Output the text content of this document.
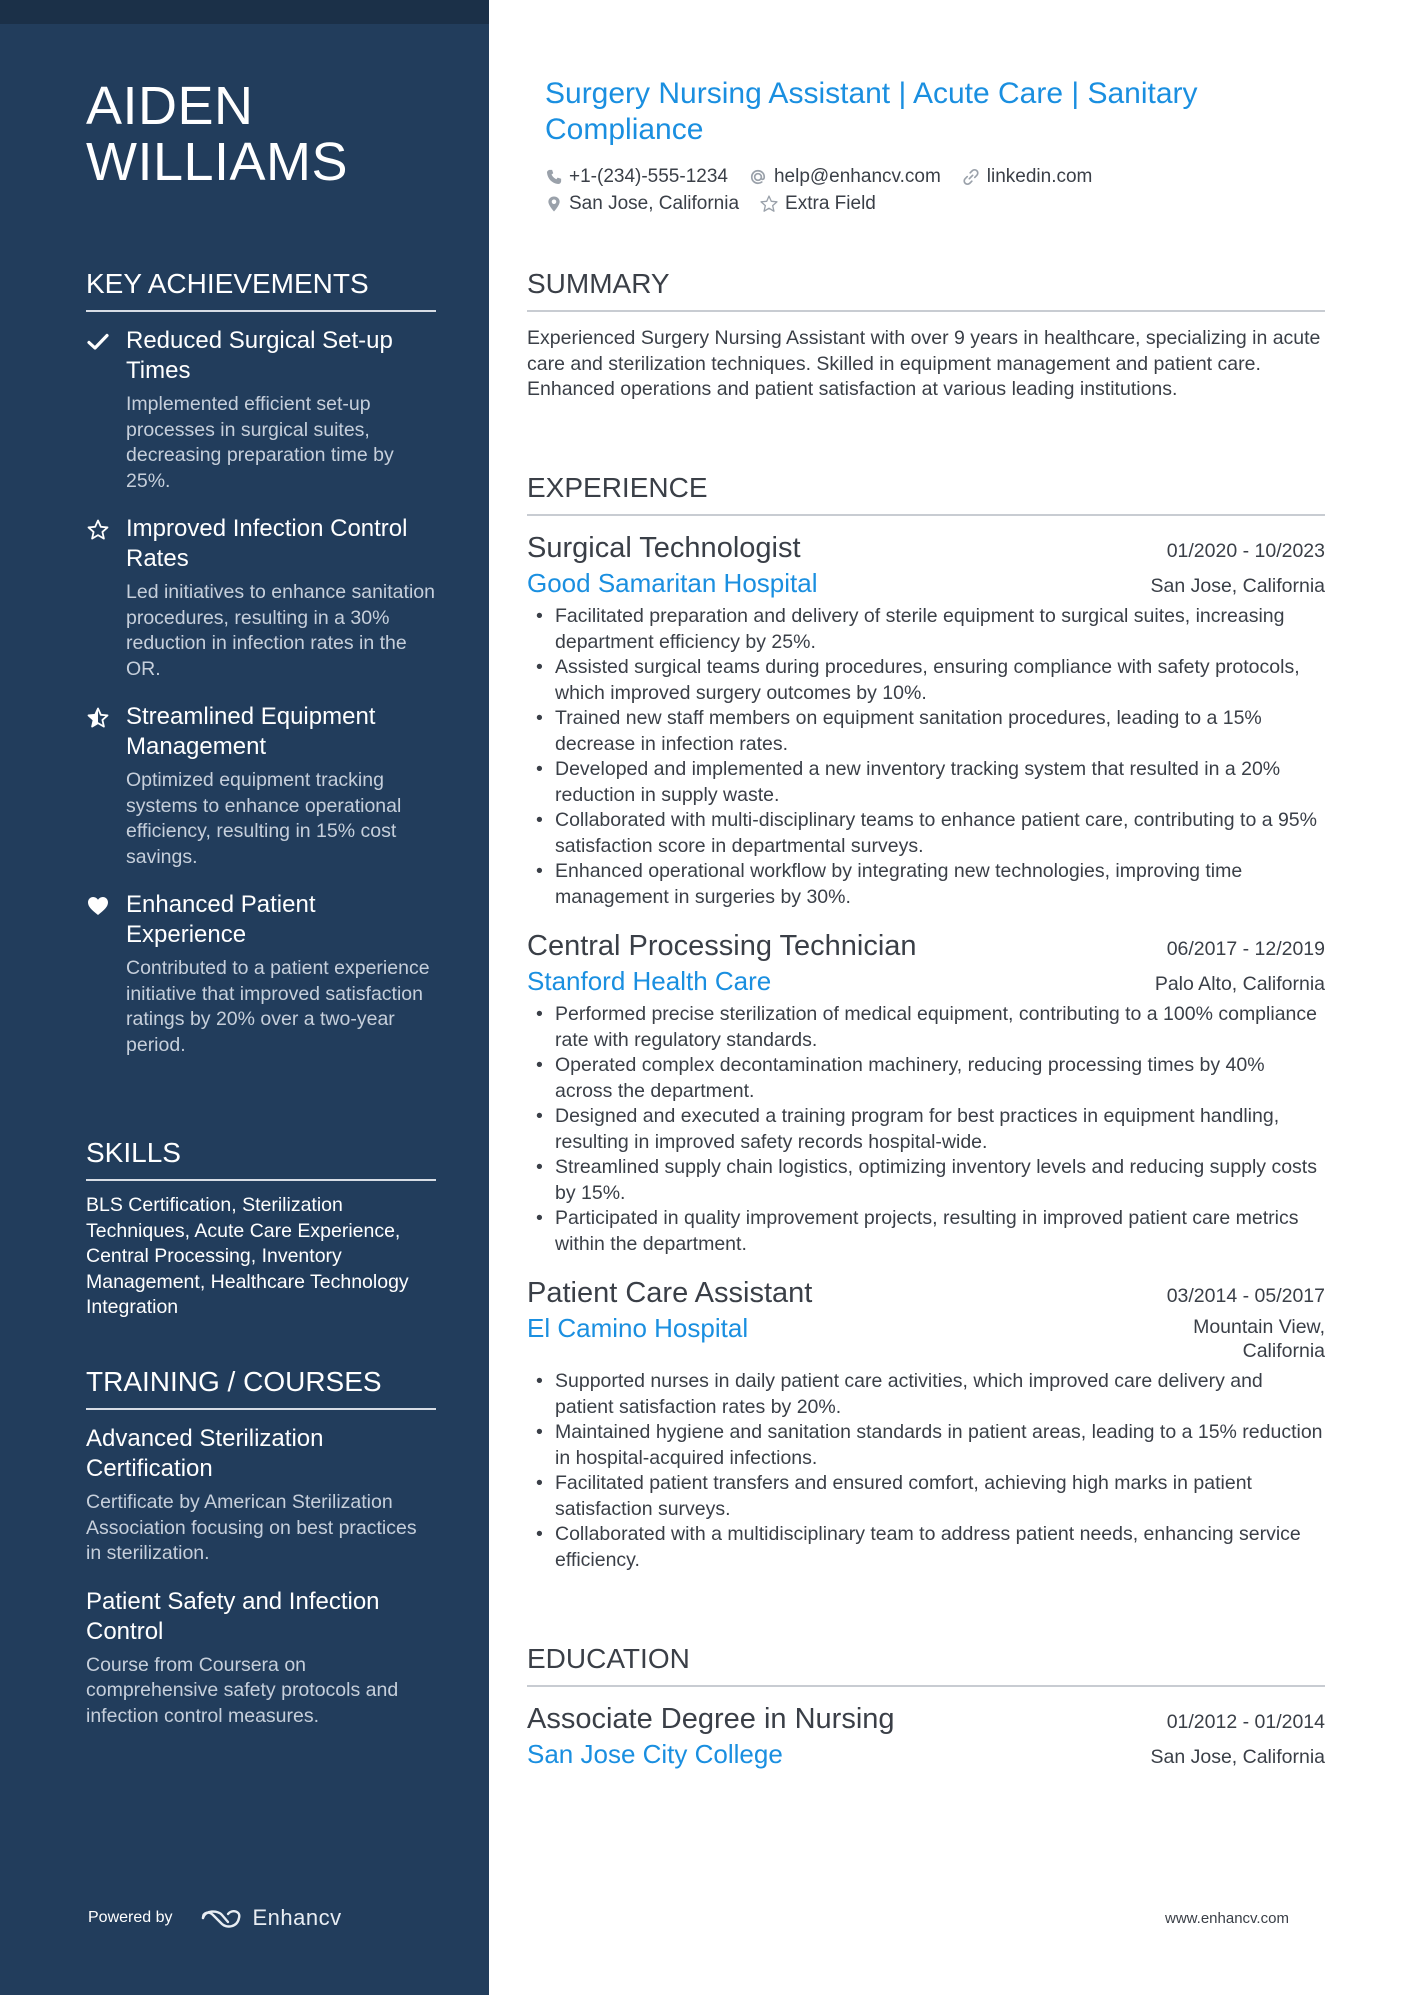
AIDEN WILLIAMS
KEY ACHIEVEMENTS
Reduced Surgical Set-up Times
Implemented efficient set-up processes in surgical suites, decreasing preparation time by 25%.
Improved Infection Control Rates
Led initiatives to enhance sanitation procedures, resulting in a 30% reduction in infection rates in the OR.
Streamlined Equipment Management
Optimized equipment tracking systems to enhance operational efficiency, resulting in 15% cost savings.
Enhanced Patient Experience
Contributed to a patient experience initiative that improved satisfaction ratings by 20% over a two-year period.
SKILLS
BLS Certification, Sterilization Techniques, Acute Care Experience, Central Processing, Inventory Management, Healthcare Technology Integration
TRAINING / COURSES
Advanced Sterilization Certification
Certificate by American Sterilization Association focusing on best practices in sterilization.
Patient Safety and Infection Control
Course from Coursera on comprehensive safety protocols and infection control measures.
Powered by	Enhancv
Surgery Nursing Assistant | Acute Care | Sanitary Compliance
+1-(234)-555-1234 help@enhancv.com linkedin.com
San Jose, California Extra Field
SUMMARY
Experienced Surgery Nursing Assistant with over 9 years in healthcare, specializing in acute care and sterilization techniques. Skilled in equipment management and patient care. Enhanced operations and patient satisfaction at various leading institutions.
EXPERIENCE
Surgical Technologist	01/2020 - 10/2023
Good Samaritan Hospital	San Jose, California
• Facilitated preparation and delivery of sterile equipment to surgical suites, increasing department efficiency by 25%.
• Assisted surgical teams during procedures, ensuring compliance with safety protocols, which improved surgery outcomes by 10%.
• Trained new staff members on equipment sanitation procedures, leading to a 15% decrease in infection rates.
• Developed and implemented a new inventory tracking system that resulted in a 20% reduction in supply waste.
• Collaborated with multi-disciplinary teams to enhance patient care, contributing to a 95% satisfaction score in departmental surveys.
• Enhanced operational workflow by integrating new technologies, improving time management in surgeries by 30%.
Central Processing Technician	06/2017 - 12/2019
Stanford Health Care	Palo Alto, California
• Performed precise sterilization of medical equipment, contributing to a 100% compliance rate with regulatory standards.
• Operated complex decontamination machinery, reducing processing times by 40% across the department.
• Designed and executed a training program for best practices in equipment handling, resulting in improved safety records hospital-wide.
• Streamlined supply chain logistics, optimizing inventory levels and reducing supply costs by 15%.
• Participated in quality improvement projects, resulting in improved patient care metrics within the department.
Patient Care Assistant	03/2014 - 05/2017
El Camino Hospital	Mountain View, California
• Supported nurses in daily patient care activities, which improved care delivery and patient satisfaction rates by 20%.
• Maintained hygiene and sanitation standards in patient areas, leading to a 15% reduction in hospital-acquired infections.
• Facilitated patient transfers and ensured comfort, achieving high marks in patient satisfaction surveys.
• Collaborated with a multidisciplinary team to address patient needs, enhancing service efficiency.
EDUCATION
Associate Degree in Nursing	01/2012 - 01/2014
San Jose City College	San Jose, California
www.enhancv.com
